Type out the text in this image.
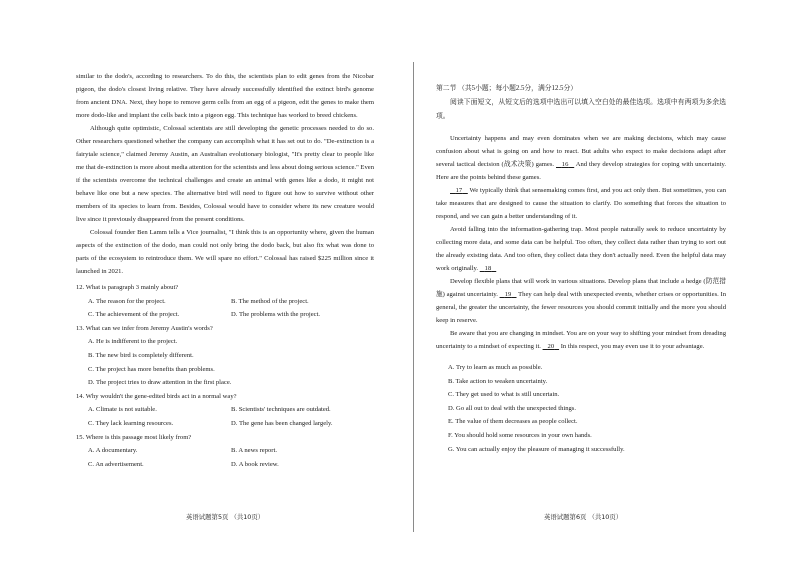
similar to the dodo's, according to researchers. To do this, the scientists plan to edit genes from the Nicobar pigeon, the dodo's closest living relative. They have already successfully identified the extinct bird's genome from ancient DNA. Next, they hope to remove germ cells from an egg of a pigeon, edit the genes to make them more dodo-like and implant the cells back into a pigeon egg. This technique has worked to breed chickens.

Although quite optimistic, Colossal scientists are still developing the genetic processes needed to do so. Other researchers questioned whether the company can accomplish what it has set out to do. "De-extinction is a fairytale science," claimed Jeremy Austin, an Australian evolutionary biologist, "It's pretty clear to people like me that de-extinction is more about media attention for the scientists and less about doing serious science." Even if the scientists overcome the technical challenges and create an animal with genes like a dodo, it might not behave like one but a new species. The alternative bird will need to figure out how to survive without other members of its species to learn from. Besides, Colossal would have to consider where its new creature would live since it previously disappeared from the present conditions.

Colossal founder Ben Lamm tells a Vice journalist, "I think this is an opportunity where, given the human aspects of the extinction of the dodo, man could not only bring the dodo back, but also fix what was done to parts of the ecosystem to reintroduce them. We will spare no effort." Colossal has raised $225 million since it launched in 2021.

12. What is paragraph 3 mainly about?

A. The reason for the project.	B. The method of the project.
C. The achievement of the project.	D. The problems with the project.

13. What can we infer from Jeremy Austin's words?

A. He is indifferent to the project.
B. The new bird is completely different.
C. The project has more benefits than problems.
D. The project tries to draw attention in the first place.

14. Why wouldn't the gene-edited birds act in a normal way?

A. Climate is not suitable.	B. Scientists' techniques are outdated.
C. They lack learning resources.	D. The gene has been changed largely.

15. Where is this passage most likely from?

A. A documentary.	B. A news report.
C. An advertisement.	D. A book review.
英语试题第5页 （共10页）

第二节 （共5小题；每小题2.5分，满分12.5分）

阅读下面短文，从短文后的选项中选出可以填入空白处的最佳选项。选项中有两项为多余选项。

Uncertainty happens and may even dominates when we are making decisions, which may cause confusion about what is going on and how to react. But adults who expect to make decisions adapt after several tactical decision (战术决策) games.    16    And they develop strategies for coping with uncertainty. Here are the points behind these games.

17    We typically think that sensemaking comes first, and you act only then. But sometimes, you can take measures that are designed to cause the situation to clarify. Do something that forces the situation to respond, and we can gain a better understanding of it.

Avoid falling into the information-gathering trap. Most people naturally seek to reduce uncertainty by collecting more data, and some data can be helpful. Too often, they collect data rather than trying to sort out the already existing data. And too often, they collect data they don't actually need. Even the helpful data may work originally.    18

Develop flexible plans that will work in various situations. Develop plans that include a hedge (防范措施) against uncertainty.    19    They can help deal with unexpected events, whether crises or opportunities. In general, the greater the uncertainty, the fewer resources you should commit initially and the more you should keep in reserve.

Be aware that you are changing in mindset. You are on your way to shifting your mindset from dreading uncertainty to a mindset of expecting it.    20    In this respect, you may even use it to your advantage.

A. Try to learn as much as possible.

B. Take action to weaken uncertainty.

C. They get used to what is still uncertain.

D. Go all out to deal with the unexpected things.

E. The value of them decreases as people collect.

F. You should hold some resources in your own hands.

G. You can actually enjoy the pleasure of managing it successfully.

英语试题第6页 （共10页）
